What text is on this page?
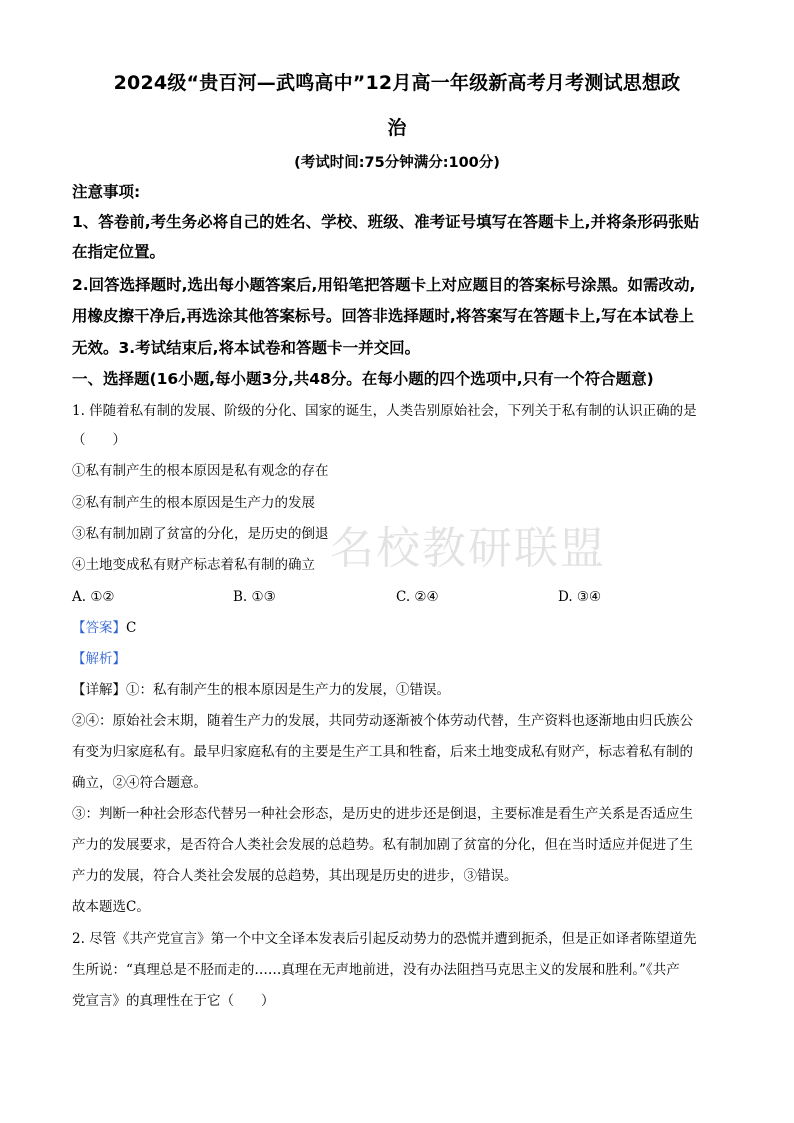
2024级“贵百河—武鸣高中”12月高一年级新高考月考测试思想政
治
(考试时间:75分钟满分:100分)
注意事项:
1、答卷前,考生务必将自己的姓名、学校、班级、准考证号填写在答题卡上,并将条形码张贴
在指定位置。
2.回答选择题时,选出每小题答案后,用铅笔把答题卡上对应题目的答案标号涂黑。如需改动,
用橡皮擦干净后,再选涂其他答案标号。回答非选择题时,将答案写在答题卡上,写在本试卷上
无效。3.考试结束后,将本试卷和答题卡一并交回。
一、选择题(16小题,每小题3分,共48分。在每小题的四个选项中,只有一个符合题意)
1. 伴随着私有制的发展、阶级的分化、国家的诞生，人类告别原始社会，下列关于私有制的认识正确的是
（　　）
①私有制产生的根本原因是私有观念的存在
②私有制产生的根本原因是生产力的发展
③私有制加剧了贫富的分化，是历史的倒退
④土地变成私有财产标志着私有制的确立
A. ①②	B. ①③	C. ②④	D. ③④
【答案】C
【解析】
【详解】①：私有制产生的根本原因是生产力的发展，①错误。
②④：原始社会末期，随着生产力的发展，共同劳动逐渐被个体劳动代替，生产资料也逐渐地由归氏族公
有变为归家庭私有。最早归家庭私有的主要是生产工具和牲畜，后来土地变成私有财产，标志着私有制的
确立，②④符合题意。
③：判断一种社会形态代替另一种社会形态，是历史的进步还是倒退，主要标准是看生产关系是否适应生
产力的发展要求，是否符合人类社会发展的总趋势。私有制加剧了贫富的分化，但在当时适应并促进了生
产力的发展，符合人类社会发展的总趋势，其出现是历史的进步，③错误。
故本题选C。
2. 尽管《共产党宣言》第一个中文全译本发表后引起反动势力的恐慌并遭到扼杀，但是正如译者陈望道先
生所说：“真理总是不胫而走的……真理在无声地前进，没有办法阻挡马克思主义的发展和胜利。”《共产
党宣言》的真理性在于它（　　）
名校教研联盟
